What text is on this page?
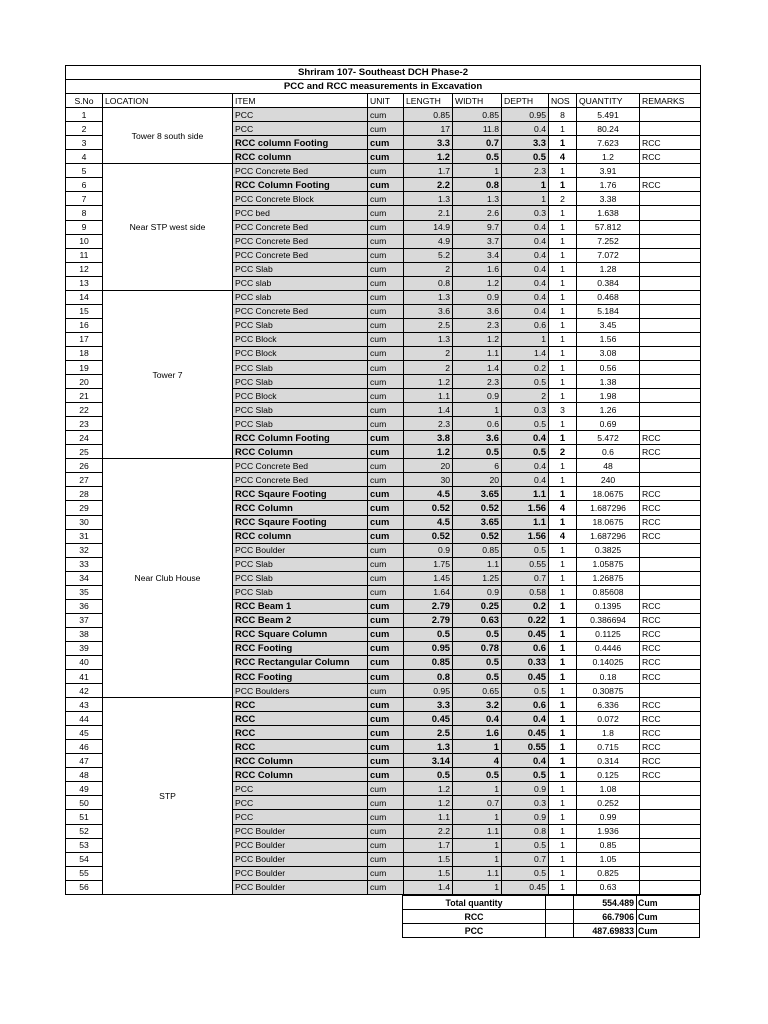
Shriram 107- Southeast DCH Phase-2									
PCC and RCC measurements in Excavation									
S.No	LOCATION	ITEM	UNIT	LENGTH	WIDTH	DEPTH	NOS	QUANTITY	REMARKS
1	Tower 8 south side	PCC	cum	0.85	0.85	0.95	8	5.491	
2		PCC	cum	17	11.8	0.4	1	80.24	
3		RCC column Footing	cum	3.3	0.7	3.3	1	7.623	RCC
4		RCC column	cum	1.2	0.5	0.5	4	1.2	RCC
5	Near STP west side	PCC Concrete Bed	cum	1.7	1	2.3	1	3.91	
6		RCC Column Footing	cum	2.2	0.8	1	1	1.76	RCC
7		PCC Concrete Block	cum	1.3	1.3	1	2	3.38	
8		PCC bed	cum	2.1	2.6	0.3	1	1.638	
9		PCC Concrete Bed	cum	14.9	9.7	0.4	1	57.812	
10		PCC Concrete Bed	cum	4.9	3.7	0.4	1	7.252	
11		PCC Concrete Bed	cum	5.2	3.4	0.4	1	7.072	
12		PCC Slab	cum	2	1.6	0.4	1	1.28	
13		PCC slab	cum	0.8	1.2	0.4	1	0.384	
14	Tower 7	PCC slab	cum	1.3	0.9	0.4	1	0.468	
15		PCC Concrete Bed	cum	3.6	3.6	0.4	1	5.184	
16		PCC Slab	cum	2.5	2.3	0.6	1	3.45	
17		PCC Block	cum	1.3	1.2	1	1	1.56	
18		PCC Block	cum	2	1.1	1.4	1	3.08	
19		PCC Slab	cum	2	1.4	0.2	1	0.56	
20		PCC Slab	cum	1.2	2.3	0.5	1	1.38	
21		PCC Block	cum	1.1	0.9	2	1	1.98	
22		PCC Slab	cum	1.4	1	0.3	3	1.26	
23		PCC Slab	cum	2.3	0.6	0.5	1	0.69	
24		RCC Column Footing	cum	3.8	3.6	0.4	1	5.472	RCC
25		RCC Column	cum	1.2	0.5	0.5	2	0.6	RCC
26	Near Club House	PCC Concrete Bed	cum	20	6	0.4	1	48	
27		PCC Concrete Bed	cum	30	20	0.4	1	240	
28		RCC Sqaure Footing	cum	4.5	3.65	1.1	1	18.0675	RCC
29		RCC Column	cum	0.52	0.52	1.56	4	1.687296	RCC
30		RCC Sqaure Footing	cum	4.5	3.65	1.1	1	18.0675	RCC
31		RCC column	cum	0.52	0.52	1.56	4	1.687296	RCC
32		PCC Boulder	cum	0.9	0.85	0.5	1	0.3825	
33		PCC Slab	cum	1.75	1.1	0.55	1	1.05875	
34		PCC Slab	cum	1.45	1.25	0.7	1	1.26875	
35		PCC Slab	cum	1.64	0.9	0.58	1	0.85608	
36		RCC Beam 1	cum	2.79	0.25	0.2	1	0.1395	RCC
37		RCC Beam 2	cum	2.79	0.63	0.22	1	0.386694	RCC
38		RCC Square Column	cum	0.5	0.5	0.45	1	0.1125	RCC
39		RCC Footing	cum	0.95	0.78	0.6	1	0.4446	RCC
40		RCC Rectangular Column	cum	0.85	0.5	0.33	1	0.14025	RCC
41		RCC Footing	cum	0.8	0.5	0.45	1	0.18	RCC
42		PCC Boulders	cum	0.95	0.65	0.5	1	0.30875	
43	STP	RCC	cum	3.3	3.2	0.6	1	6.336	RCC
44		RCC	cum	0.45	0.4	0.4	1	0.072	RCC
45		RCC	cum	2.5	1.6	0.45	1	1.8	RCC
46		RCC	cum	1.3	1	0.55	1	0.715	RCC
47		RCC Column	cum	3.14	4	0.4	1	0.314	RCC
48		RCC Column	cum	0.5	0.5	0.5	1	0.125	RCC
49		PCC	cum	1.2	1	0.9	1	1.08	
50		PCC	cum	1.2	0.7	0.3	1	0.252	
51		PCC	cum	1.1	1	0.9	1	0.99	
52		PCC Boulder	cum	2.2	1.1	0.8	1	1.936	
53		PCC Boulder	cum	1.7	1	0.5	1	0.85	
54		PCC Boulder	cum	1.5	1	0.7	1	1.05	
55		PCC Boulder	cum	1.5	1.1	0.5	1	0.825	
56		PCC Boulder	cum	1.4	1	0.45	1	0.63	
Total quantity		554.489	Cum
RCC		66.7906	Cum
PCC		487.69833	Cum
